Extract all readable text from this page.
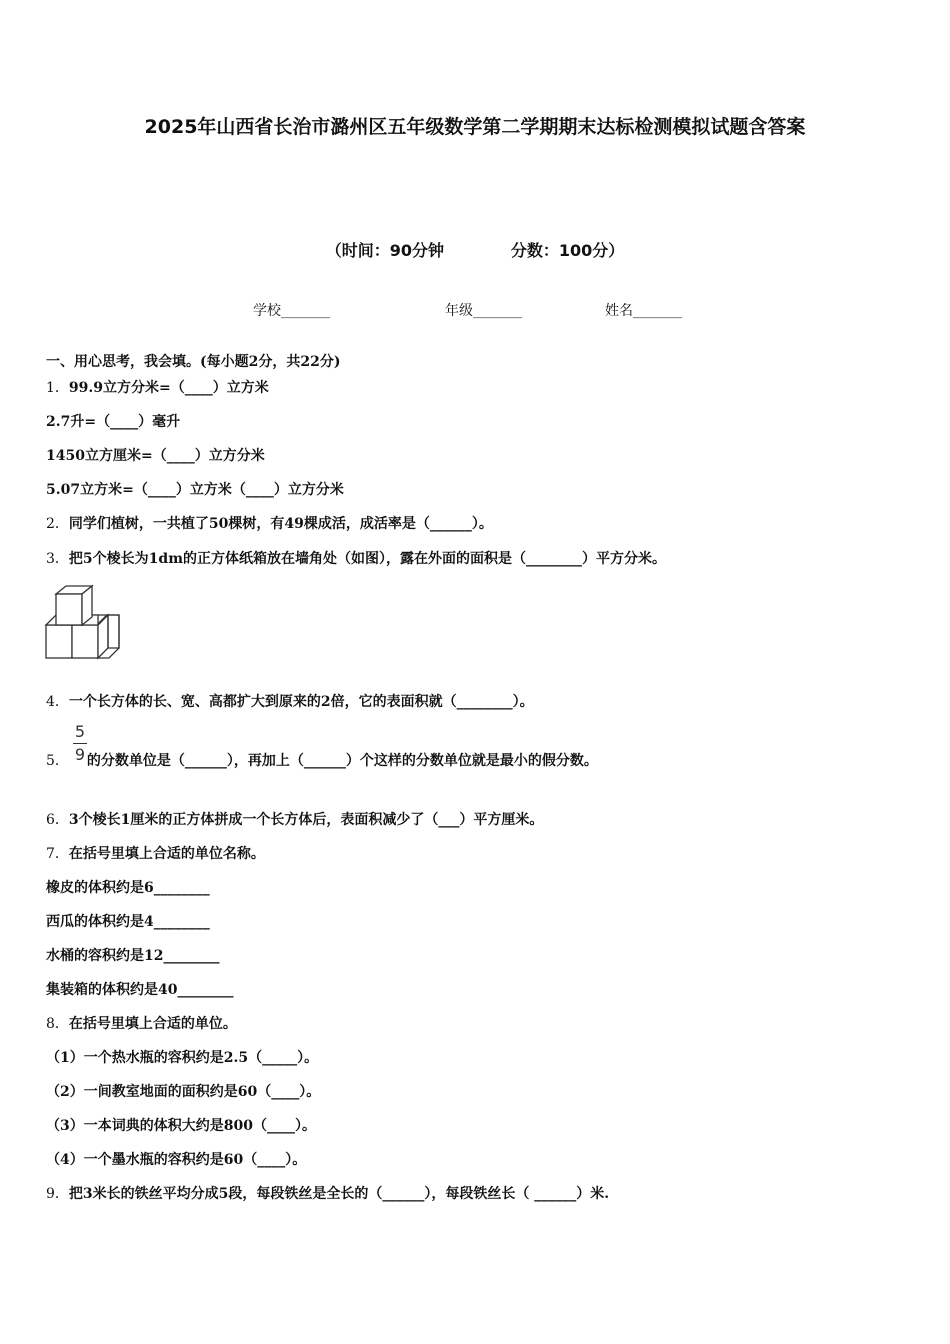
2025年山西省长治市潞州区五年级数学第二学期期末达标检测模拟试题含答案
（时间：90分钟            分数：100分）
学校_______	年级_______	姓名_______
一、用心思考，我会填。(每小题2分，共22分)
1．99.9立方分米=（____）立方米
2.7升=（____）毫升
1450立方厘米=（____）立方分米
5.07立方米=（____）立方米（____）立方分米
2．同学们植树，一共植了50棵树，有49棵成活，成活率是（______）。
3．把5个棱长为1dm的正方体纸箱放在墙角处（如图），露在外面的面积是（________）平方分米。
4．一个长方体的长、宽、高都扩大到原来的2倍，它的表面积就（________）。
5
9
5． 的分数单位是（______），再加上（______）个这样的分数单位就是最小的假分数。
6．3个棱长1厘米的正方体拼成一个长方体后，表面积减少了（___）平方厘米。
7．在括号里填上合适的单位名称。
橡皮的体积约是6________
西瓜的体积约是4________
水桶的容积约是12________
集装箱的体积约是40________
8．在括号里填上合适的单位。
（1）一个热水瓶的容积约是2.5（_____）。
（2）一间教室地面的面积约是60（____）。
（3）一本词典的体积大约是800（____）。
（4）一个墨水瓶的容积约是60（____）。
9．把3米长的铁丝平均分成5段，每段铁丝是全长的（______），每段铁丝长（ ______）米.
